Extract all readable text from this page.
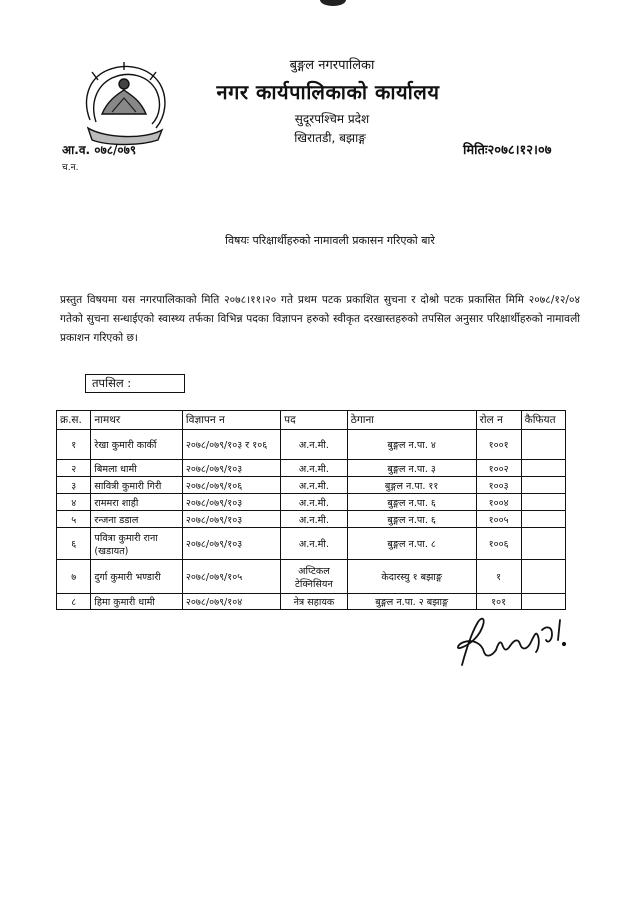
बुङ्गल नगरपालिका
नगर कार्यपालिकाको कार्यालय
सुदूरपश्चिम प्रदेश
खिरातडी, बझाङ्ग
आ.व. ०७८/०७९
च.न.
मितिः२०७८।१२।०७
विषयः परिक्षार्थीहरुको नामावली प्रकासन गरिएको बारे
प्रस्तुत विषयमा यस नगरपालिकाको मिति २०७८।११।२० गते प्रथम पटक प्रकाशित सुचना र दोश्रो पटक प्रकासित मिमि २०७८/१२/०४ गतेको सुचना सन्धाईएको स्वास्थ्य तर्फका विभिन्न पदका विज्ञापन हरुको स्वीकृत दरखास्तहरुको तपसिल अनुसार परिक्षार्थीहरुको नामावली प्रकाशन गरिएको छ।
तपसिल :
क्र.स.	नामथर	विज्ञापन न	पद	ठेगाना	रोल न	कैफियत
१	रेखा कुमारी कार्की	२०७८/०७९/१०३ र १०६	अ.न.मी.	बुङ्गल न.पा. ४	१००१	
२	बिमला धामी	२०७८/०७९/१०३	अ.न.मी.	बुङ्गल न.पा. ३	१००२	
३	सावित्री कुमारी गिरी	२०७८/०७९/१०६	अ.न.मी.	बुङ्गल न.पा. ११	१००३	
४	राममरा शाही	२०७८/०७९/१०३	अ.न.मी.	बुङ्गल न.पा. ६	१००४	
५	रन्जना डडाल	२०७८/०७९/१०३	अ.न.मी.	बुङ्गल न.पा. ६	१००५	
६	पवित्रा कुमारी राना (खडायत)	२०७८/०७९/१०३	अ.न.मी.	बुङ्गल न.पा. ८	१००६	
७	दुर्गा कुमारी भण्डारी	२०७८/०७९/१०५	अप्टिकल टेक्निसियन	केदारस्यु १ बझाङ्ग	१	
८	हिमा कुमारी धामी	२०७८/०७९/१०४	नेत्र सहायक	बुङ्गल न.पा. २ बझाङ्ग	१०१	
